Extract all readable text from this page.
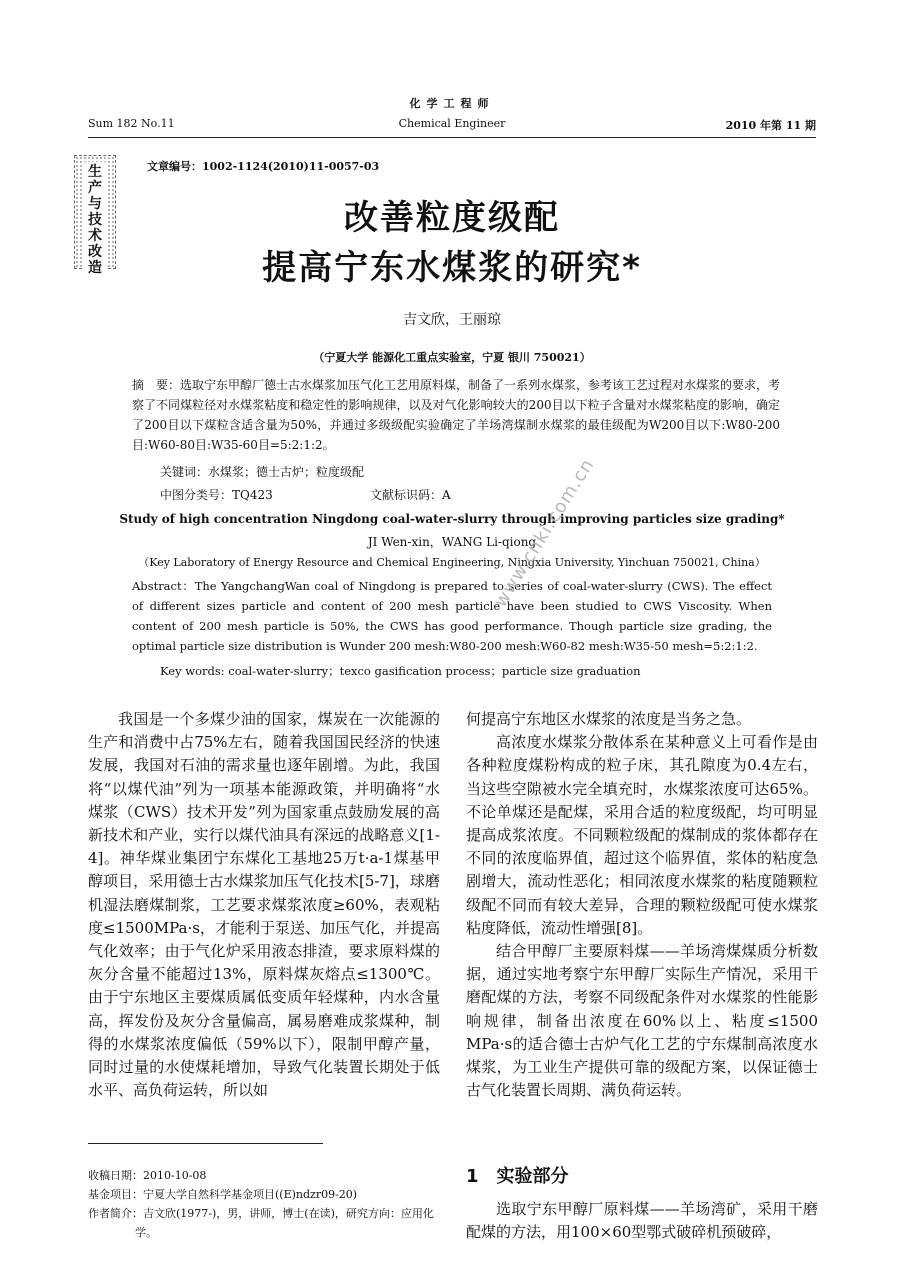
化学工程师
Sum 182 No.11	Chemical Engineer	2010 年第 11 期
生产与技术改造
文章编号：1002-1124(2010)11-0057-03
改善粒度级配
提高宁东水煤浆的研究*
吉文欣，王丽琼
（宁夏大学 能源化工重点实验室，宁夏 银川 750021）
摘　要：选取宁东甲醇厂德士古水煤浆加压气化工艺用原料煤，制备了一系列水煤浆，参考该工艺过程对水煤浆的要求，考察了不同煤粒径对水煤浆粘度和稳定性的影响规律，以及对气化影响较大的200目以下粒子含量对水煤浆粘度的影响，确定了200目以下煤粒含适含量为50%，并通过多级级配实验确定了羊场湾煤制水煤浆的最佳级配为W200目以下:W80-200目:W60-80目:W35-60目=5:2:1:2。
关键词：水煤浆；德士古炉；粒度级配
中图分类号：TQ423	文献标识码：A
Study of high concentration Ningdong coal-water-slurry through improving particles size grading*
JI Wen-xin，WANG Li-qiong
（Key Laboratory of Energy Resource and Chemical Engineering, Ningxia University, Yinchuan 750021, China）
Abstract：The YangchangWan coal of Ningdong is prepared to series of coal-water-slurry (CWS). The effect of different sizes particle and content of 200 mesh particle have been studied to CWS Viscosity. When content of 200 mesh particle is 50%, the CWS has good performance. Though particle size grading, the optimal particle size distribution is Wunder 200 mesh:W80-200 mesh:W60-82 mesh:W35-50 mesh=5:2:1:2.
Key words: coal-water-slurry；texco gasification process；particle size graduation
www.cnki.com.cn

我国是一个多煤少油的国家，煤炭在一次能源的生产和消费中占75%左右，随着我国国民经济的快速发展，我国对石油的需求量也逐年剧增。为此，我国将“以煤代油”列为一项基本能源政策，并明确将“水煤浆（CWS）技术开发”列为国家重点鼓励发展的高新技术和产业，实行以煤代油具有深远的战略意义[1-4]。神华煤业集团宁东煤化工基地25万t·a-1煤基甲醇项目，采用德士古水煤浆加压气化技术[5-7]，球磨机湿法磨煤制浆，工艺要求煤浆浓度≥60%，表观粘度≤1500MPa·s，才能利于泵送、加压气化，并提高气化效率；由于气化炉采用液态排渣，要求原料煤的灰分含量不能超过13%，原料煤灰熔点≤1300℃。由于宁东地区主要煤质属低变质年轻煤种，内水含量高，挥发份及灰分含量偏高，属易磨难成浆煤种，制得的水煤浆浓度偏低（59%以下），限制甲醇产量，同时过量的水使煤耗增加，导致气化装置长期处于低水平、高负荷运转，所以如

何提高宁东地区水煤浆的浓度是当务之急。

高浓度水煤浆分散体系在某种意义上可看作是由各种粒度煤粉构成的粒子床，其孔隙度为0.4左右，当这些空隙被水完全填充时，水煤浆浓度可达65%。不论单煤还是配煤，采用合适的粒度级配，均可明显提高成浆浓度。不同颗粒级配的煤制成的浆体都存在不同的浓度临界值，超过这个临界值，浆体的粘度急剧增大，流动性恶化；相同浓度水煤浆的粘度随颗粒级配不同而有较大差异，合理的颗粒级配可使水煤浆粘度降低，流动性增强[8]。

结合甲醇厂主要原料煤——羊场湾煤煤质分析数据，通过实地考察宁东甲醇厂实际生产情况，采用干磨配煤的方法，考察不同级配条件对水煤浆的性能影响规律，制备出浓度在60%以上、粘度≤1500 MPa·s的适合德士古炉气化工艺的宁东煤制高浓度水煤浆，为工业生产提供可靠的级配方案，以保证德士古气化装置长周期、满负荷运转。

1　实验部分

选取宁东甲醇厂原料煤——羊场湾矿，采用干磨配煤的方法，用100×60型鄂式破碎机预破碎，

收稿日期：2010-10-08
基金项目：宁夏大学自然科学基金项目((E)ndzr09-20)
作者简介：吉文欣(1977-)，男，讲师，博士(在读)，研究方向：应用化学。
